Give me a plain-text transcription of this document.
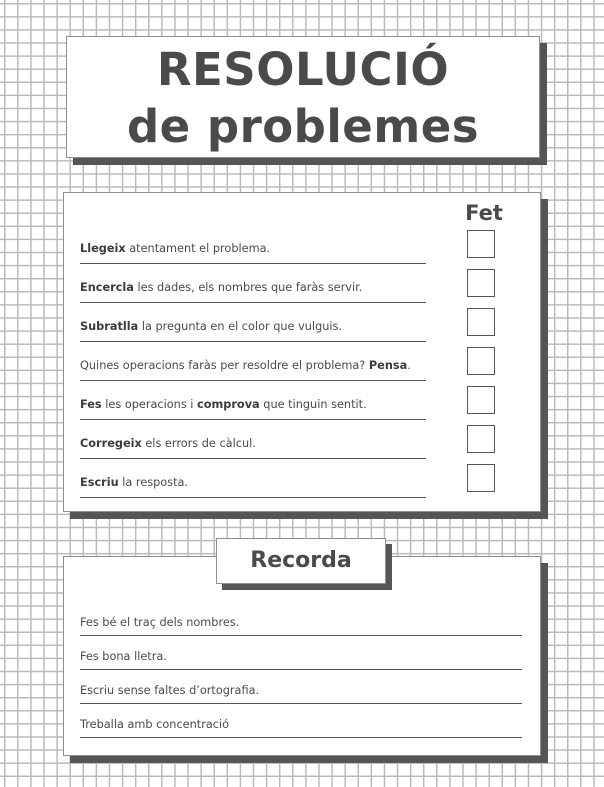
RESOLUCIÓ
de problemes
Fet
Llegeix atentament el problema.
Encercla les dades, els nombres que faràs servir.
Subratlla la pregunta en el color que vulguis.
Quines operacions faràs per resoldre el problema? Pensa.
Fes les operacions i comprova que tinguin sentit.
Corregeix els errors de càlcul.
Escriu la resposta.
Recorda
Fes bé el traç dels nombres.
Fes bona lletra.
Escriu sense faltes d’ortografia.
Treballa amb concentració
